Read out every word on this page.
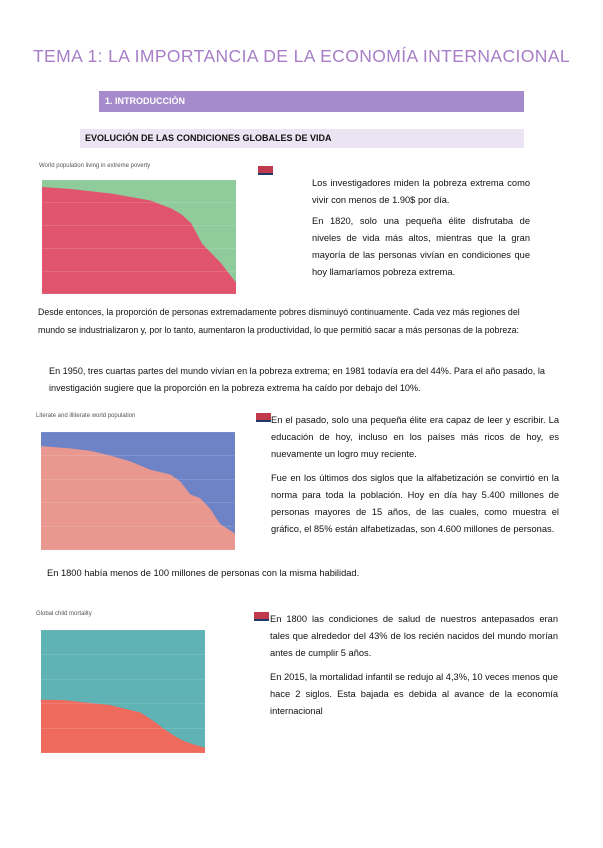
TEMA 1: LA IMPORTANCIA DE LA ECONOMÍA INTERNACIONAL
1. INTRODUCCIÓN
EVOLUCIÓN DE LAS CONDICIONES GLOBALES DE VIDA
World population living in extreme poverty
Los investigadores miden la pobreza extrema como vivir con menos de 1.90$ por día.
En 1820, solo una pequeña élite disfrutaba de niveles de vida más altos, mientras que la gran mayoría de las personas vivían en condiciones que hoy llamaríamos pobreza extrema.
Desde entonces, la proporción de personas extremadamente pobres disminuyó continuamente. Cada vez más regiones del mundo se industrializaron y, por lo tanto, aumentaron la productividad, lo que permitió sacar a más personas de la pobreza:
En 1950, tres cuartas partes del mundo vivían en la pobreza extrema; en 1981 todavía era del 44%. Para el año pasado, la investigación sugiere que la proporción en la pobreza extrema ha caído por debajo del 10%.
Literate and illiterate world population	En el pasado, solo una pequeña élite era capaz de leer y escribir. La educación de hoy, incluso en los países más ricos de hoy, es nuevamente un logro muy reciente.
Fue en los últimos dos siglos que la alfabetización se convirtió en la norma para toda la población. Hoy en día hay 5.400 millones de personas mayores de 15 años, de las cuales, como muestra el gráfico, el 85% están alfabetizadas, son 4.600 millones de personas.
En 1800 había menos de 100 millones de personas con la misma habilidad.
Global child mortality	En 1800 las condiciones de salud de nuestros antepasados eran tales que alrededor del 43% de los recién nacidos del mundo morían antes de cumplir 5 años.
En 2015, la mortalidad infantil se redujo al 4,3%, 10 veces menos que hace 2 siglos. Esta bajada es debida al avance de la economía internacional
